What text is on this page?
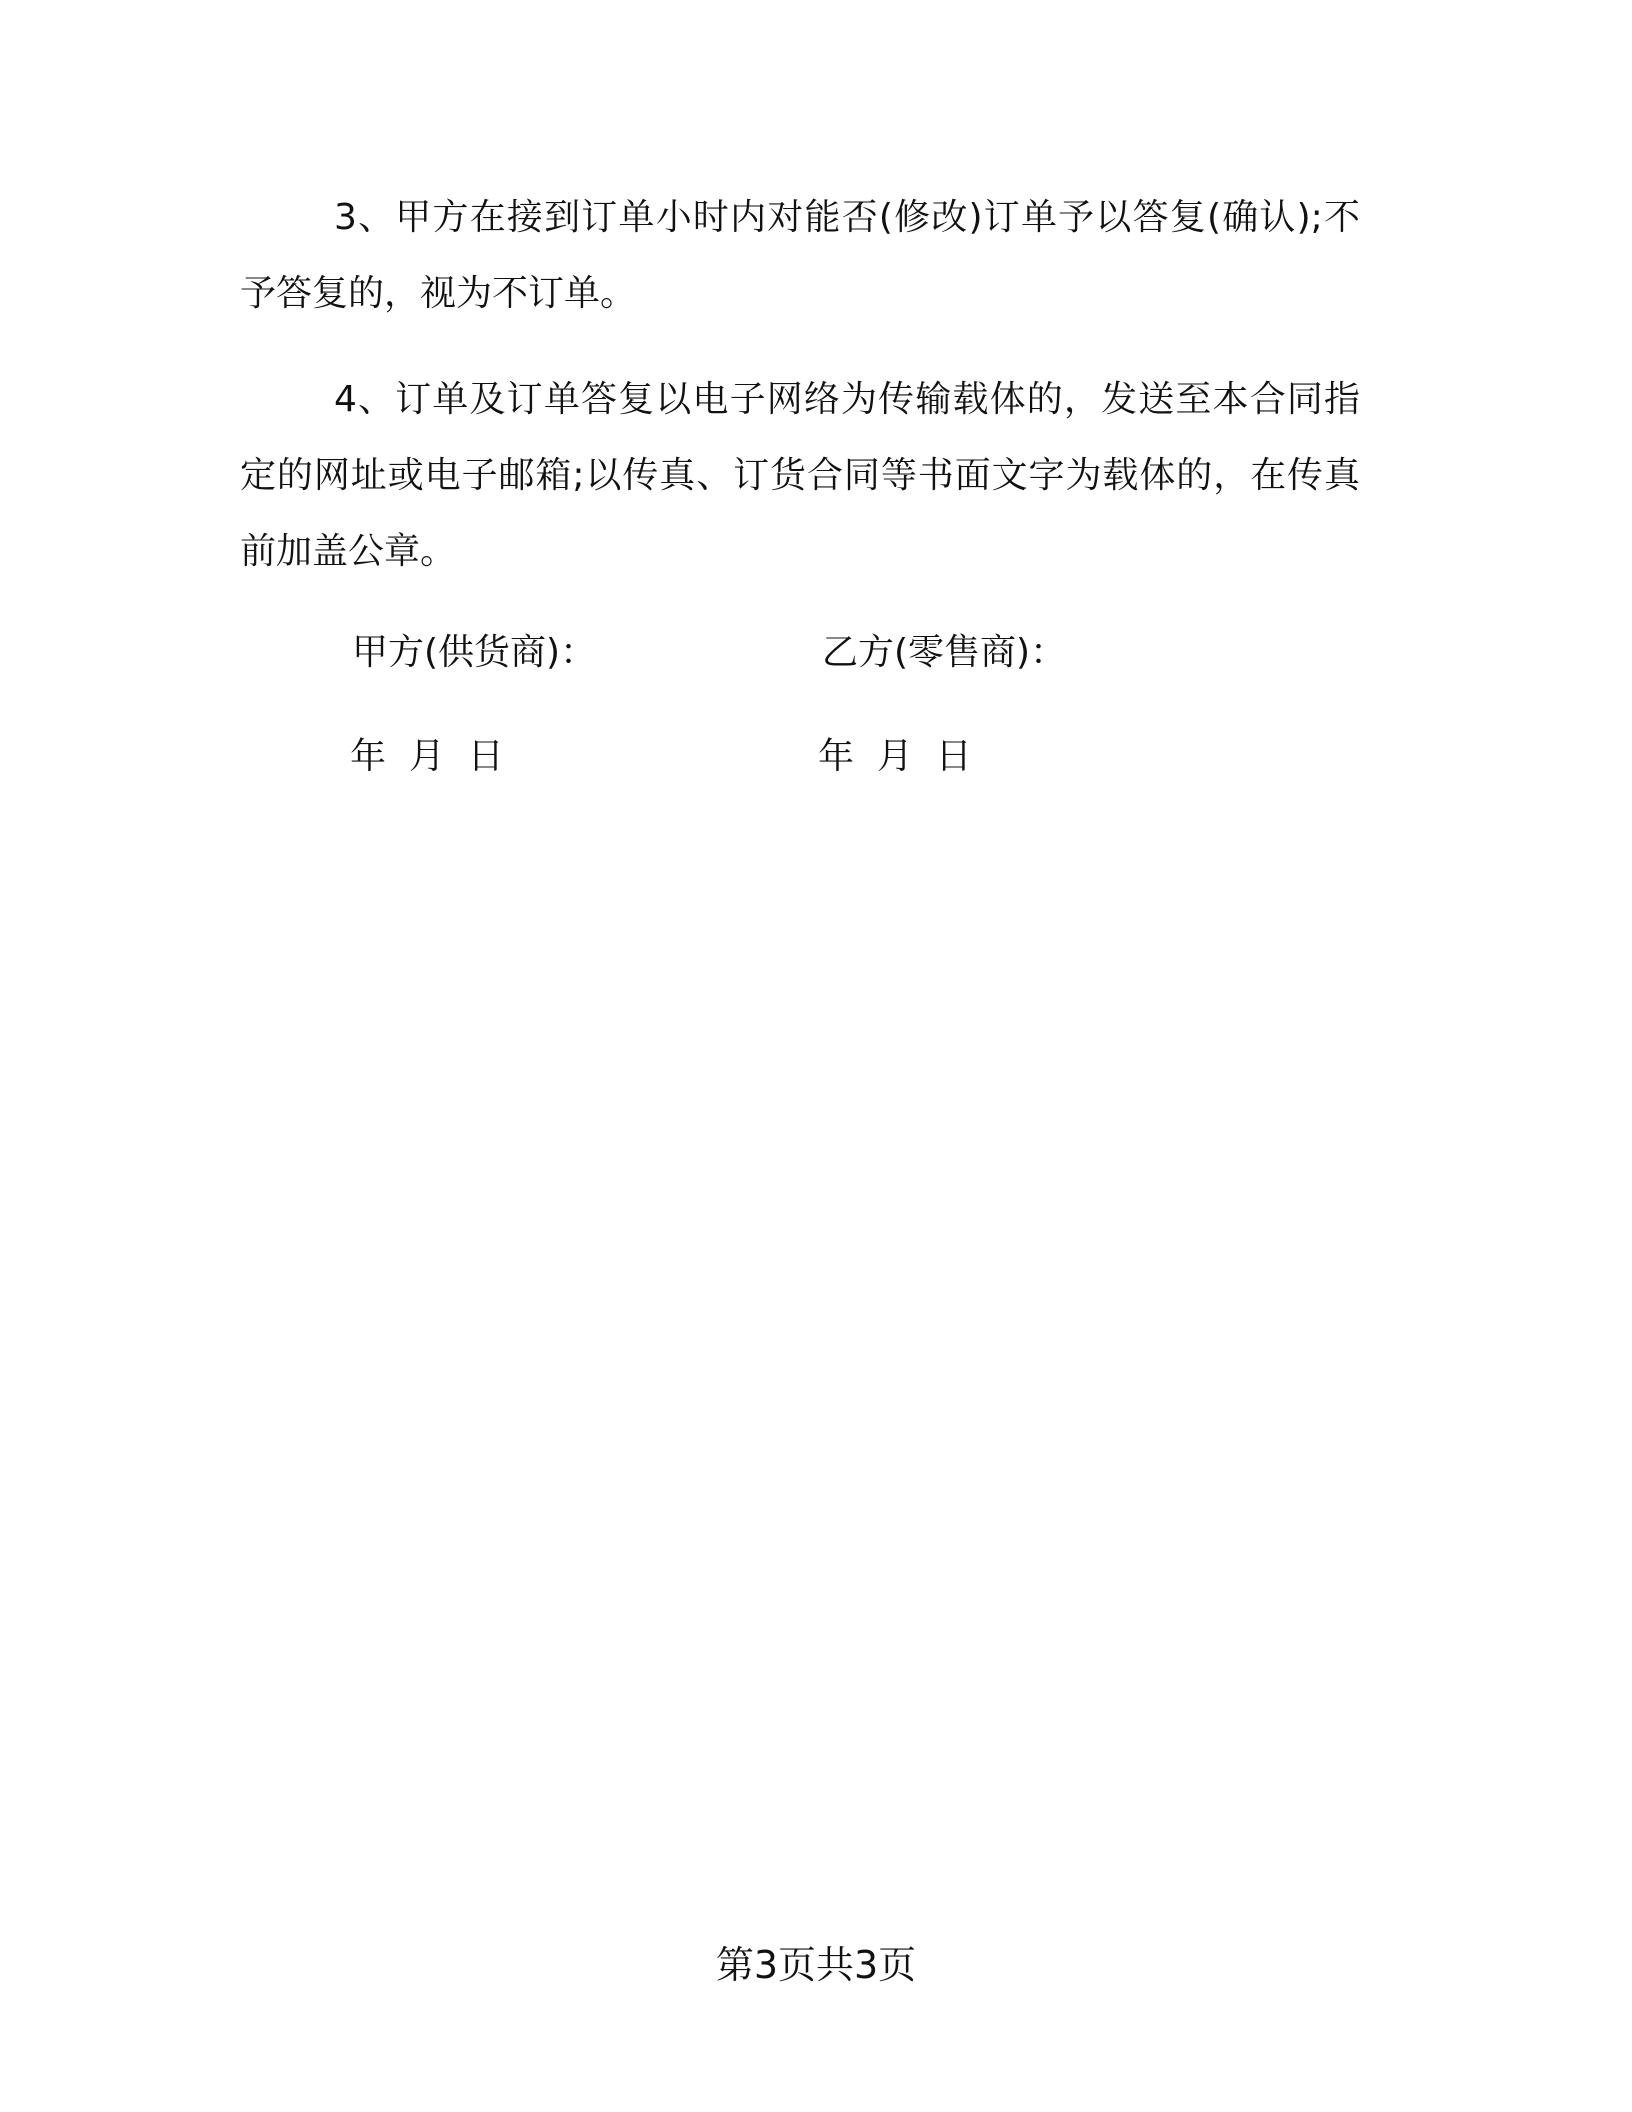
3、甲方在接到订单小时内对能否(修改)订单予以答复(确认);不予答复的，视为不订单。

4、订单及订单答复以电子网络为传输载体的，发送至本合同指定的网址或电子邮箱;以传真、订货合同等书面文字为载体的，在传真前加盖公章。

甲方(供货商)：	乙方(零售商)：

年  月  日	年  月  日

第3页共3页
